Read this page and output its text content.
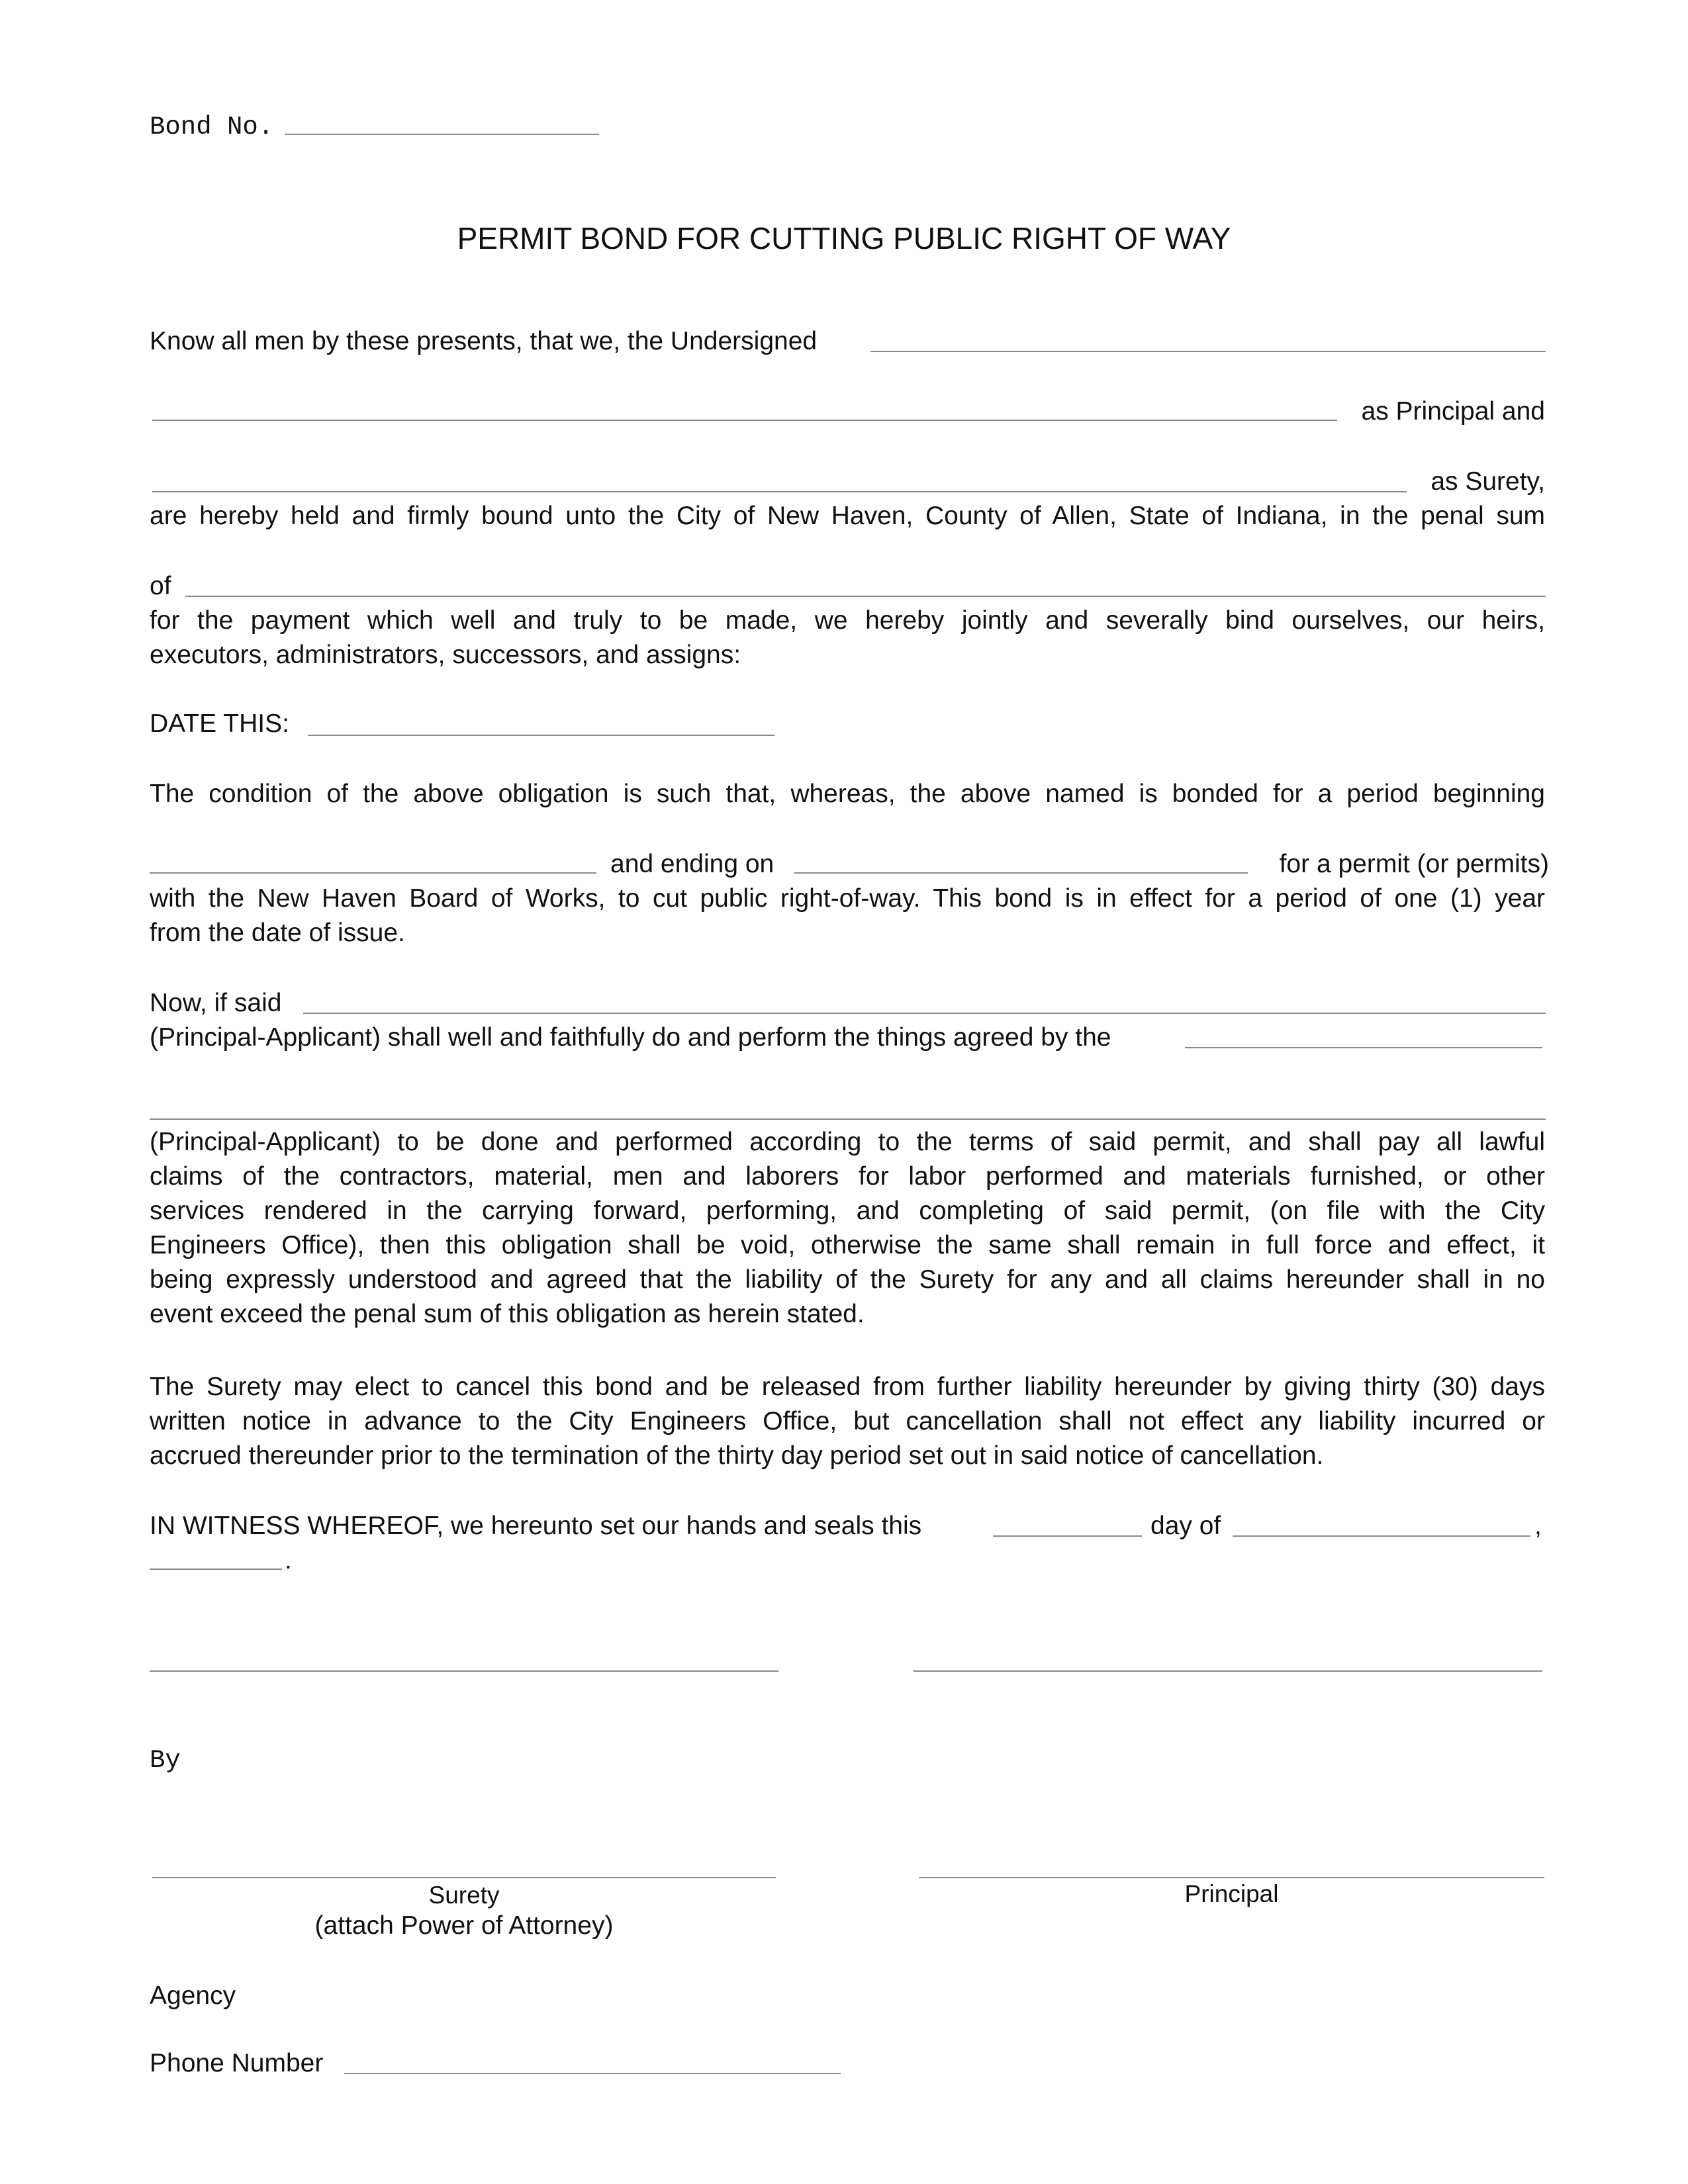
Bond No.
PERMIT BOND FOR CUTTING PUBLIC RIGHT OF WAY
Know all men by these presents, that we, the Undersigned
as Principal and
as Surety,
are hereby held and firmly bound unto the City of New Haven, County of Allen, State of Indiana, in the penal sum
of
for the payment which well and truly to be made, we hereby jointly and severally bind ourselves, our heirs,
executors, administrators, successors, and assigns:
DATE THIS:
The condition of the above obligation is such that, whereas, the above named is bonded for a period beginning
and ending on	for a permit (or permits)
with the New Haven Board of Works, to cut public right-of-way. This bond is in effect for a period of one (1) year
from the date of issue.
Now, if said
(Principal-Applicant) shall well and faithfully do and perform the things agreed by the
(Principal-Applicant) to be done and performed according to the terms of said permit, and shall pay all lawful
claims of the contractors, material, men and laborers for labor performed and materials furnished, or other
services rendered in the carrying forward, performing, and completing of said permit, (on file with the City
Engineers Office), then this obligation shall be void, otherwise the same shall remain in full force and effect, it
being expressly understood and agreed that the liability of the Surety for any and all claims hereunder shall in no
event exceed the penal sum of this obligation as herein stated.
The Surety may elect to cancel this bond and be released from further liability hereunder by giving thirty (30) days
written notice in advance to the City Engineers Office, but cancellation shall not effect any liability incurred or
accrued thereunder prior to the termination of the thirty day period set out in said notice of cancellation.
IN WITNESS WHEREOF, we hereunto set our hands and seals this	day of	,
.
By
Surety
(attach Power of Attorney)
Principal
Agency
Phone Number
